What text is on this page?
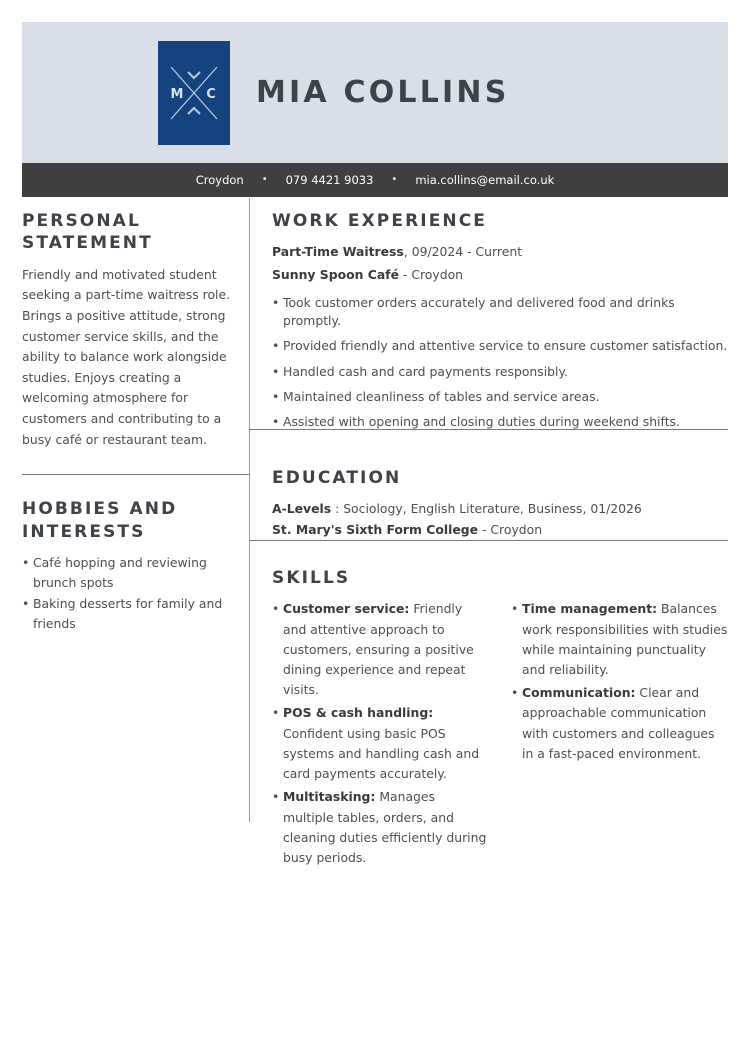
M C MIA COLLINS
Croydon • 079 4421 9033 • mia.collins@email.co.uk
PERSONAL STATEMENT

Friendly and motivated student seeking a part-time waitress role. Brings a positive attitude, strong customer service skills, and the ability to balance work alongside studies. Enjoys creating a welcoming atmosphere for customers and contributing to a busy café or restaurant team.

HOBBIES AND INTERESTS
• Café hopping and reviewing brunch spots
• Baking desserts for family and friends
WORK EXPERIENCE

Part-Time Waitress, 09/2024 - Current

Sunny Spoon Café - Croydon

• Took customer orders accurately and delivered food and drinks promptly.
• Provided friendly and attentive service to ensure customer satisfaction.
• Handled cash and card payments responsibly.
• Maintained cleanliness of tables and service areas.
• Assisted with opening and closing duties during weekend shifts.
EDUCATION

A-Levels : Sociology, English Literature, Business, 01/2026

St. Mary's Sixth Form College - Croydon

SKILLS
• Customer service: Friendly and attentive approach to customers, ensuring a positive dining experience and repeat visits.
• POS & cash handling: Confident using basic POS systems and handling cash and card payments accurately.
• Multitasking: Manages multiple tables, orders, and cleaning duties efficiently during busy periods.
• Time management: Balances work responsibilities with studies while maintaining punctuality and reliability.
• Communication: Clear and approachable communication with customers and colleagues in a fast-paced environment.
